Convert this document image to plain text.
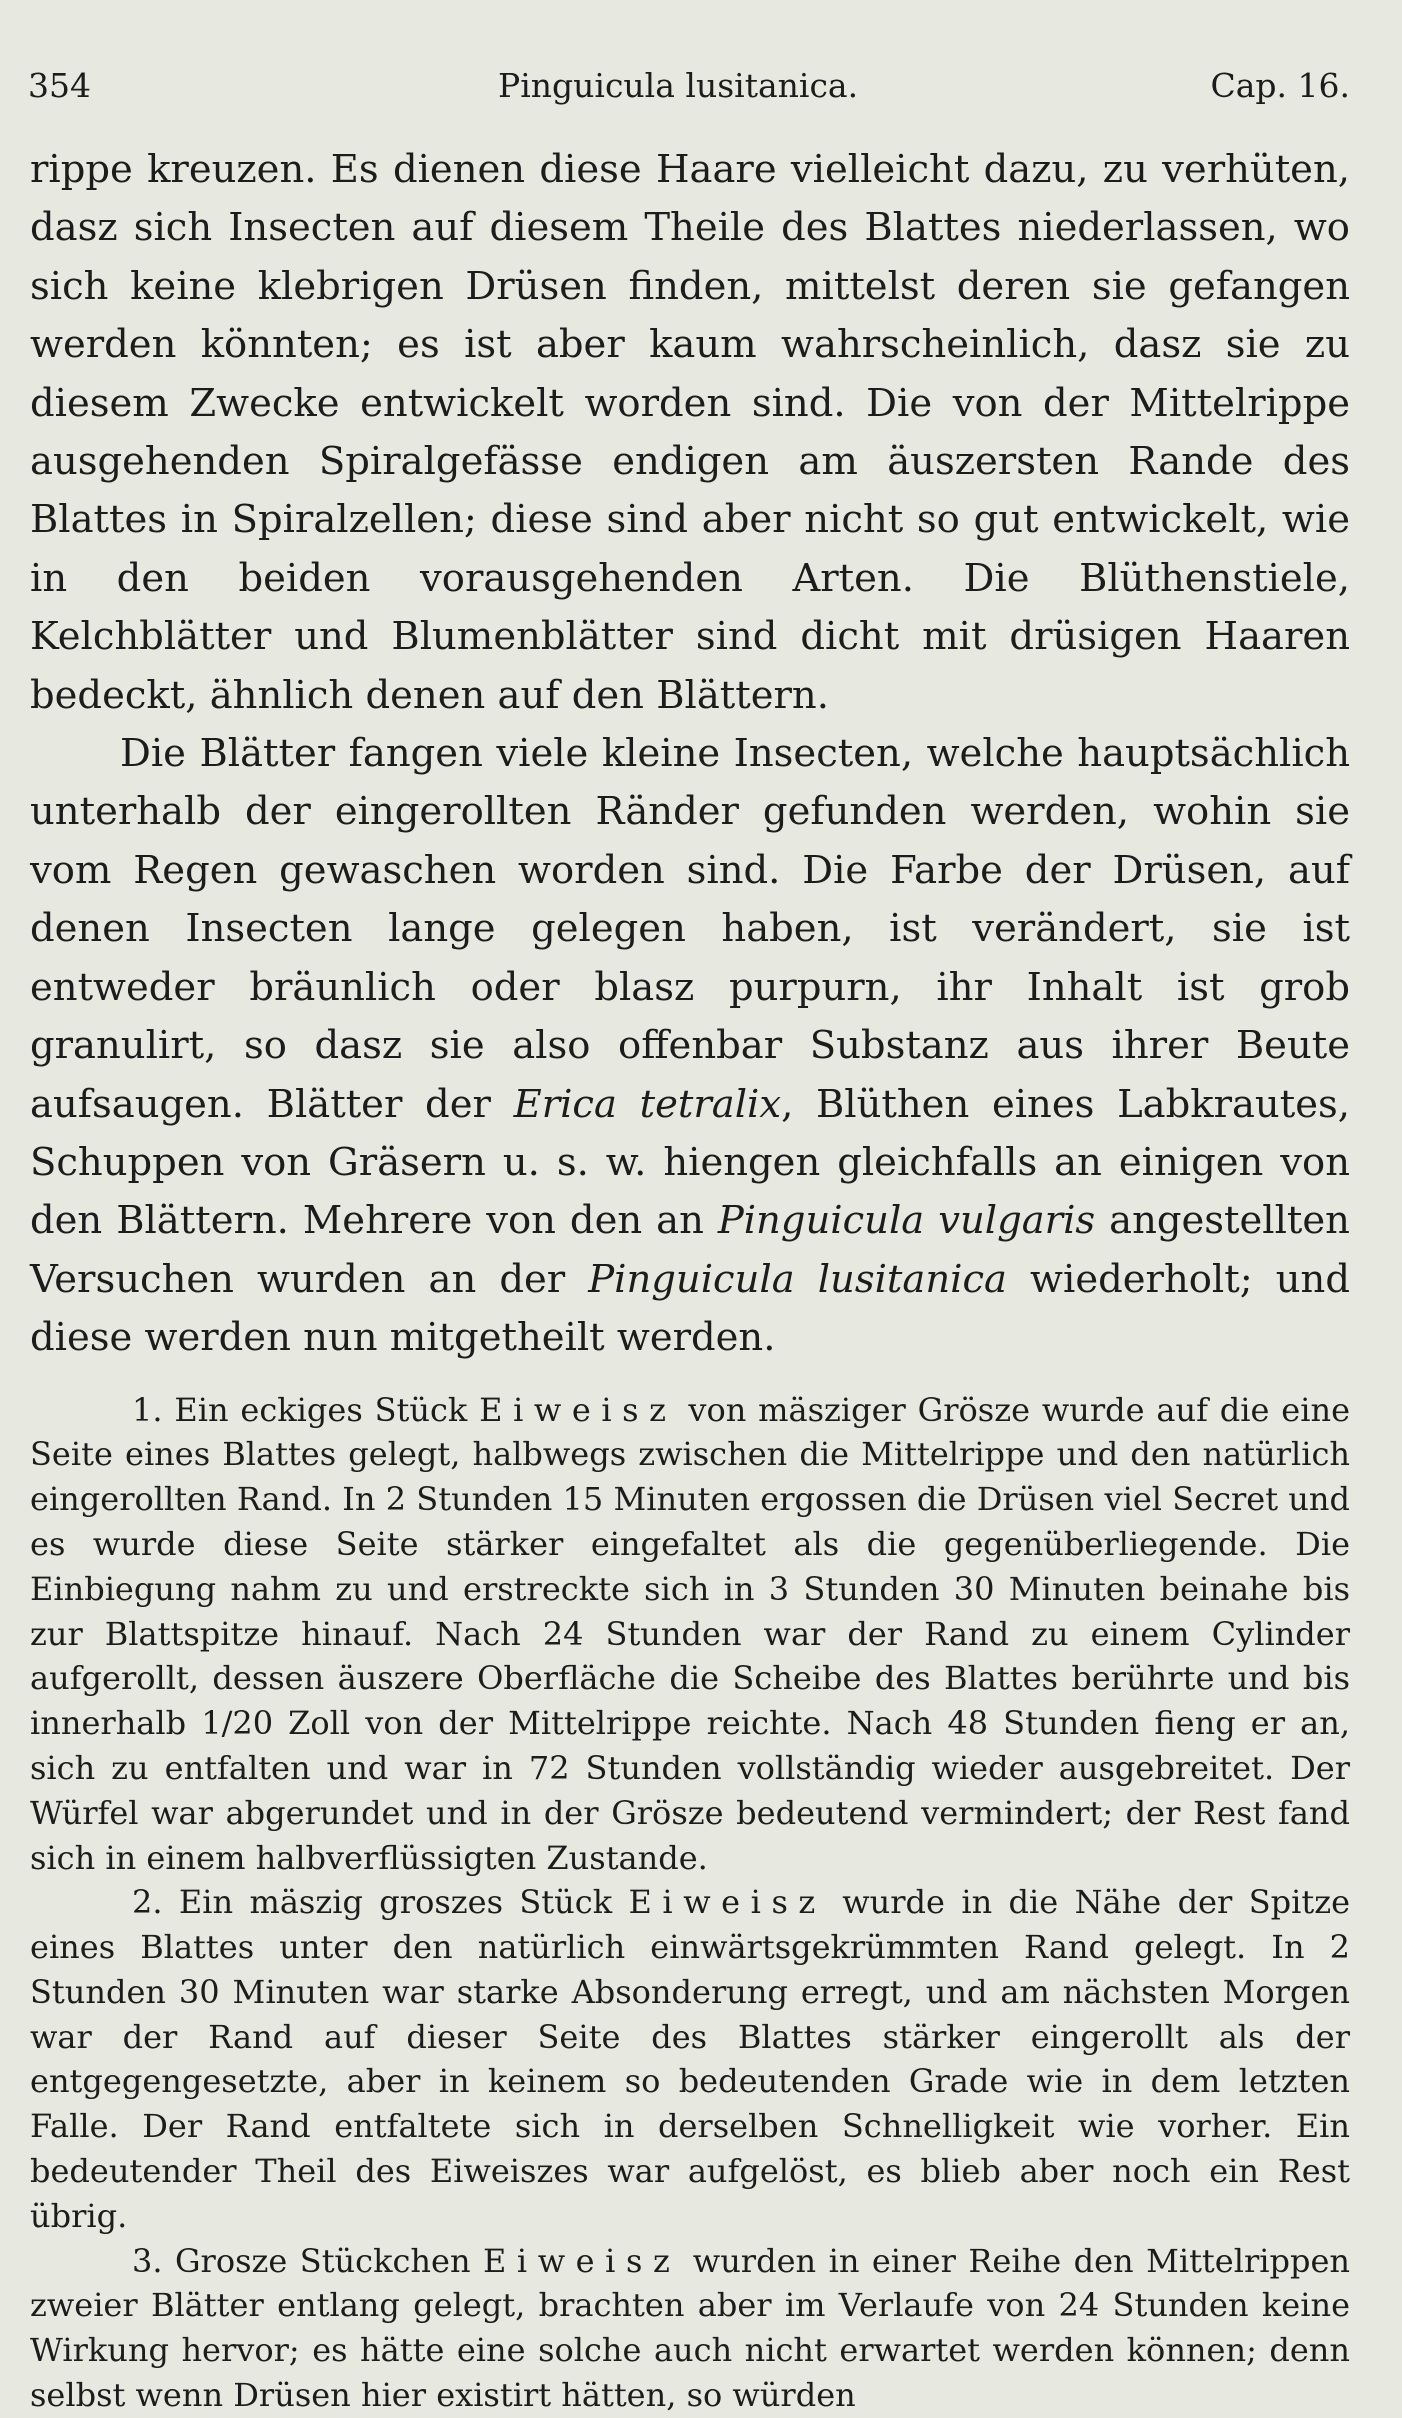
354	Pinguicula lusitanica.	Cap. 16.

rippe kreuzen. Es dienen diese Haare vielleicht dazu, zu verhüten, dasz sich Insecten auf diesem Theile des Blattes niederlassen, wo sich keine klebrigen Drüsen finden, mittelst deren sie gefangen werden könnten; es ist aber kaum wahrscheinlich, dasz sie zu diesem Zwecke entwickelt worden sind. Die von der Mittelrippe ausgehenden Spiralgefässe endigen am äuszersten Rande des Blattes in Spiralzellen; diese sind aber nicht so gut entwickelt, wie in den beiden vorausgehenden Arten. Die Blüthenstiele, Kelchblätter und Blumenblätter sind dicht mit drüsigen Haaren bedeckt, ähnlich denen auf den Blättern.

Die Blätter fangen viele kleine Insecten, welche hauptsächlich unterhalb der eingerollten Ränder gefunden werden, wohin sie vom Regen gewaschen worden sind. Die Farbe der Drüsen, auf denen Insecten lange gelegen haben, ist verändert, sie ist entweder bräunlich oder blasz purpurn, ihr Inhalt ist grob granulirt, so dasz sie also offenbar Substanz aus ihrer Beute aufsaugen. Blätter der Erica tetralix, Blüthen eines Labkrautes, Schuppen von Gräsern u. s. w. hiengen gleichfalls an einigen von den Blättern. Mehrere von den an Pinguicula vulgaris angestellten Versuchen wurden an der Pinguicula lusitanica wiederholt; und diese werden nun mitgetheilt werden.

1. Ein eckiges Stück Eiweisz von mäsziger Grösze wurde auf die eine Seite eines Blattes gelegt, halbwegs zwischen die Mittelrippe und den natürlich eingerollten Rand. In 2 Stunden 15 Minuten ergossen die Drüsen viel Secret und es wurde diese Seite stärker eingefaltet als die gegenüberliegende. Die Einbiegung nahm zu und erstreckte sich in 3 Stunden 30 Minuten beinahe bis zur Blattspitze hinauf. Nach 24 Stunden war der Rand zu einem Cylinder aufgerollt, dessen äuszere Oberfläche die Scheibe des Blattes berührte und bis innerhalb 1/20 Zoll von der Mittelrippe reichte. Nach 48 Stunden fieng er an, sich zu entfalten und war in 72 Stunden vollständig wieder ausgebreitet. Der Würfel war abgerundet und in der Grösze bedeutend vermindert; der Rest fand sich in einem halbverflüssigten Zustande.

2. Ein mäszig groszes Stück Eiweisz wurde in die Nähe der Spitze eines Blattes unter den natürlich einwärtsgekrümmten Rand gelegt. In 2 Stunden 30 Minuten war starke Absonderung erregt, und am nächsten Morgen war der Rand auf dieser Seite des Blattes stärker eingerollt als der entgegengesetzte, aber in keinem so bedeutenden Grade wie in dem letzten Falle. Der Rand entfaltete sich in derselben Schnelligkeit wie vorher. Ein bedeutender Theil des Eiweiszes war aufgelöst, es blieb aber noch ein Rest übrig.

3. Grosze Stückchen Eiweisz wurden in einer Reihe den Mittelrippen zweier Blätter entlang gelegt, brachten aber im Verlaufe von 24 Stunden keine Wirkung hervor; es hätte eine solche auch nicht erwartet werden können; denn selbst wenn Drüsen hier existirt hätten, so würden
